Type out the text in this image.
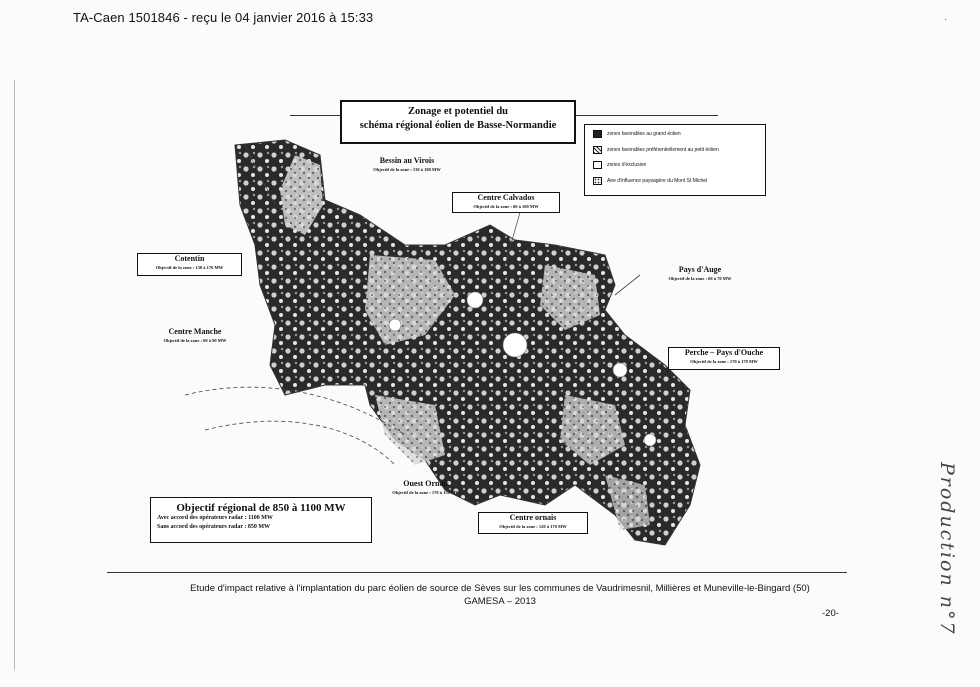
TA-Caen 1501846 - reçu le 04 janvier 2016 à 15:33	·
Zonage et potentiel du
schéma régional éolien de Basse-Normandie
zones favorables au grand éolien
zones favorables préférentiellement au petit éolien
zones d'exclusion
Aire d'influence paysagère du Mont St Michel
Bessin au Virois
Objectif de la zone : 130 à 180 MW
Centre Calvados
Objectif de la zone : 60 à 100 MW
Pays d'Auge
Objectif de la zone : 60 à 70 MW
Cotentin
Objectif de la zone : 130 à 170 MW
Centre Manche
Objectif de la zone : 60 à 90 MW
Perche – Pays d'Ouche
Objectif de la zone : 170 à 170 MW
Ouest Ornais
Objectif de la zone : 170 à 150 MW
Centre ornais
Objectif de la zone : 120 à 170 MW
Objectif régional de 850 à 1100 MW
Avec accord des opérateurs radar : 1100 MW
Sans accord des opérateurs radar : 850 MW
Etude d'impact relative à l'implantation du parc éolien de source de Sèves sur les communes de Vaudrimesnil, Millières et Muneville-le-Bingard (50)
GAMESA – 2013
-20-	Production n°7
